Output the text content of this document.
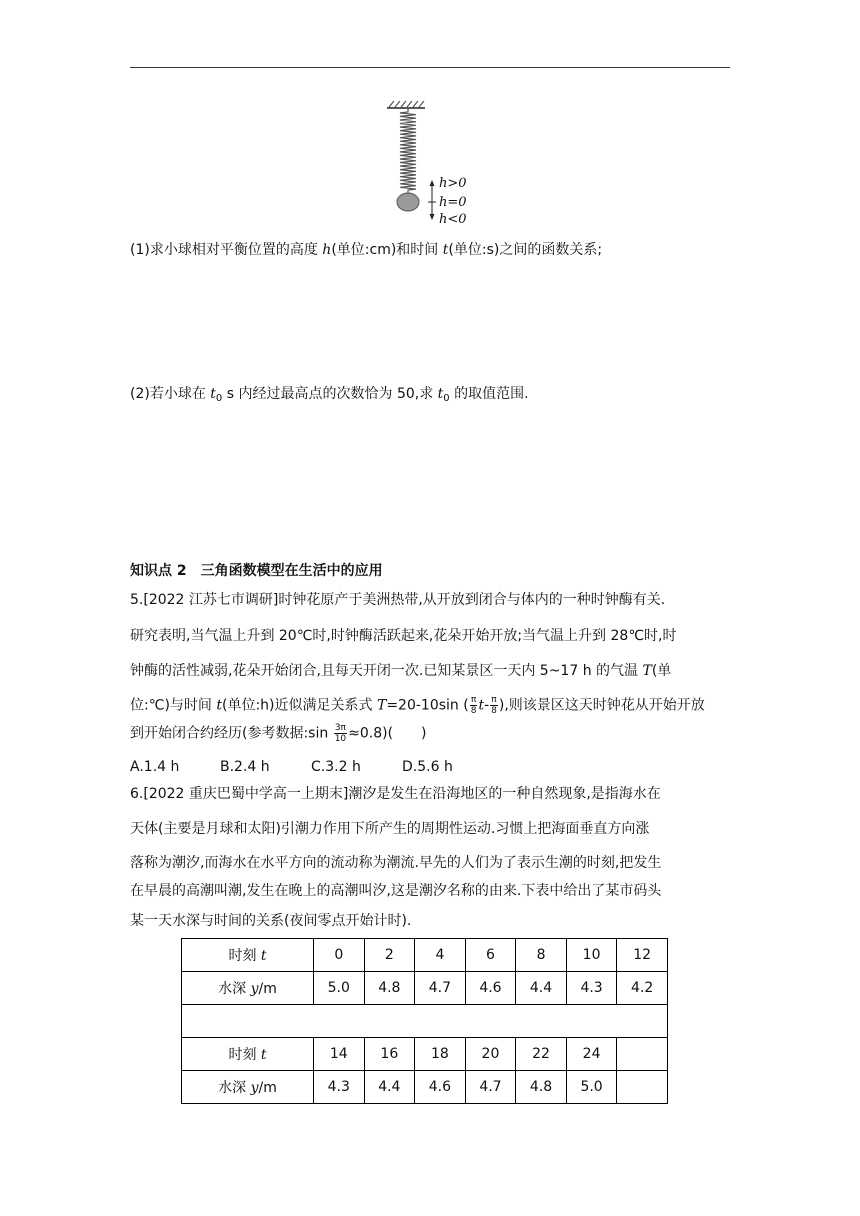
h>0
h=0
h<0
(1)求小球相对平衡位置的高度 h(单位:cm)和时间 t(单位:s)之间的函数关系;
(2)若小球在 $t_0$ s 内经过最高点的次数恰为 50,求 $t_0$ 的取值范围.
知识点 2　三角函数模型在生活中的应用
5.[2022 江苏七市调研]时钟花原产于美洲热带,从开放到闭合与体内的一种时钟酶有关.
研究表明,当气温上升到 20℃时,时钟酶活跃起来,花朵开始开放;当气温上升到 28℃时,时
钟酶的活性减弱,花朵开始闭合,且每天开闭一次.已知某景区一天内 5~17 h 的气温 T(单
位:℃)与时间 t(单位:h)近似满足关系式 T=20-10sin ( $\frac{\pi}{8} t- \frac{\pi}{8}$ ),则该景区这天时钟花从开始开放
到开始闭合约经历(参考数据:sin $\frac{3\pi}{10} \approx 0.8$)(　　)
A.1.4 h	B.2.4 h	C.3.2 h	D.5.6 h
6.[2022 重庆巴蜀中学高一上期末]潮汐是发生在沿海地区的一种自然现象,是指海水在
天体(主要是月球和太阳)引潮力作用下所产生的周期性运动.习惯上把海面垂直方向涨
落称为潮汐,而海水在水平方向的流动称为潮流.早先的人们为了表示生潮的时刻,把发生
在早晨的高潮叫潮,发生在晚上的高潮叫汐,这是潮汐名称的由来.下表中给出了某市码头
某一天水深与时间的关系(夜间零点开始计时).
时刻 t	0	2	4	6	8	10	12
水深 y/m	5.0	4.8	4.7	4.6	4.4	4.3	4.2

时刻 t	14	16	18	20	22	24	
水深 y/m	4.3	4.4	4.6	4.7	4.8	5.0	
